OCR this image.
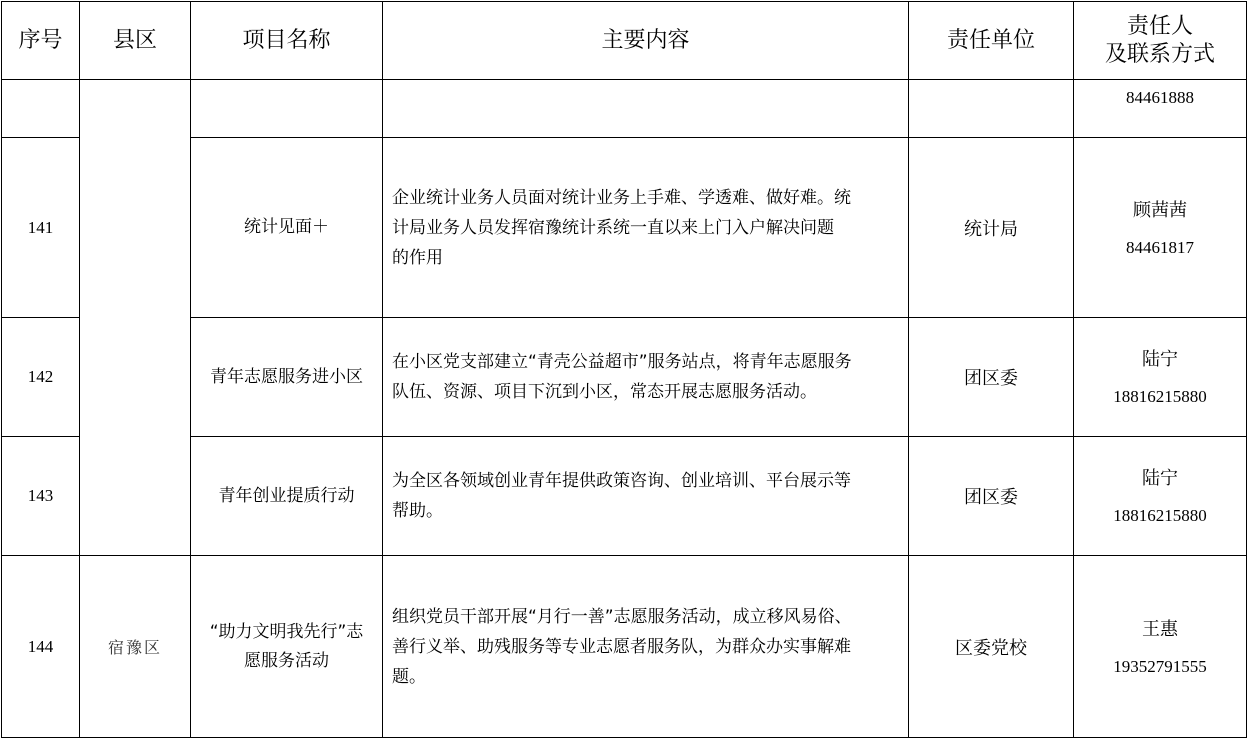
序号	县区	项目名称	主要内容	责任单位	责任人
及联系方式

					84461888

141		统计见面＋	企业统计业务人员面对统计业务上手难、学透难、做好难。统
计局业务人员发挥宿豫统计系统一直以来上门入户解决问题
的作用	统计局	顾茜茜
84461817

142		青年志愿服务进小区	在小区党支部建立“青壳公益超市”服务站点，将青年志愿服务
队伍、资源、项目下沉到小区，常态开展志愿服务活动。	团区委	陆宁
18816215880

143		青年创业提质行动	为全区各领域创业青年提供政策咨询、创业培训、平台展示等
帮助。	团区委	陆宁
18816215880

144	宿豫区	“助力文明我先行”志
愿服务活动	组织党员干部开展“月行一善”志愿服务活动，成立移风易俗、
善行义举、助残服务等专业志愿者服务队，为群众办实事解难
题。	区委党校	王惠
19352791555
